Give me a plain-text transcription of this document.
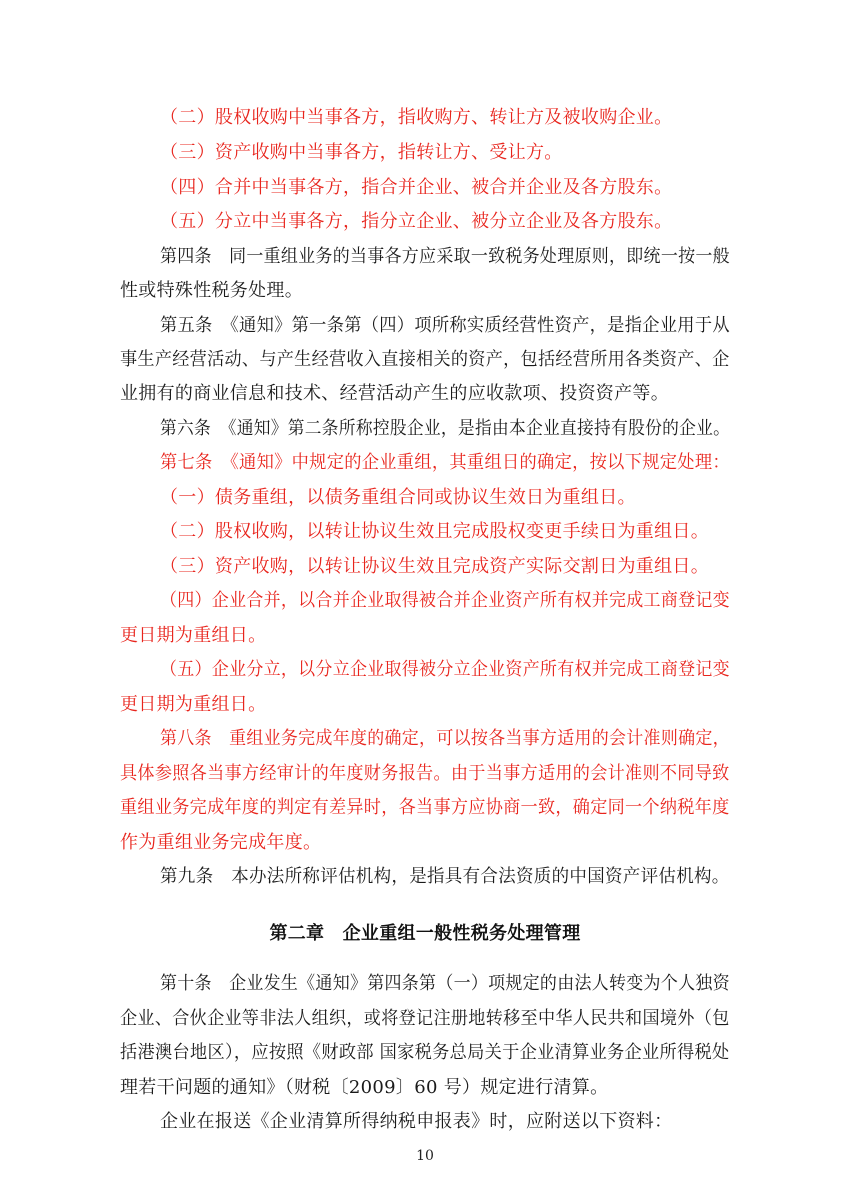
（二）股权收购中当事各方，指收购方、转让方及被收购企业。
（三）资产收购中当事各方，指转让方、受让方。
（四）合并中当事各方，指合并企业、被合并企业及各方股东。
（五）分立中当事各方，指分立企业、被分立企业及各方股东。
第四条　同一重组业务的当事各方应采取一致税务处理原则，即统一按一般
性或特殊性税务处理。
第五条　《通知》第一条第（四）项所称实质经营性资产，是指企业用于从
事生产经营活动、与产生经营收入直接相关的资产，包括经营所用各类资产、企
业拥有的商业信息和技术、经营活动产生的应收款项、投资资产等。
第六条　《通知》第二条所称控股企业，是指由本企业直接持有股份的企业。
第七条　《通知》中规定的企业重组，其重组日的确定，按以下规定处理：
（一）债务重组，以债务重组合同或协议生效日为重组日。
（二）股权收购，以转让协议生效且完成股权变更手续日为重组日。
（三）资产收购，以转让协议生效且完成资产实际交割日为重组日。
（四）企业合并，以合并企业取得被合并企业资产所有权并完成工商登记变
更日期为重组日。
（五）企业分立，以分立企业取得被分立企业资产所有权并完成工商登记变
更日期为重组日。
第八条　重组业务完成年度的确定，可以按各当事方适用的会计准则确定，
具体参照各当事方经审计的年度财务报告。由于当事方适用的会计准则不同导致
重组业务完成年度的判定有差异时，各当事方应协商一致，确定同一个纳税年度
作为重组业务完成年度。
第九条　本办法所称评估机构，是指具有合法资质的中国资产评估机构。
第二章　企业重组一般性税务处理管理
第十条　企业发生《通知》第四条第（一）项规定的由法人转变为个人独资
企业、合伙企业等非法人组织，或将登记注册地转移至中华人民共和国境外（包
括港澳台地区），应按照《财政部 国家税务总局关于企业清算业务企业所得税处
理若干问题的通知》（财税〔2009〕60 号）规定进行清算。
企业在报送《企业清算所得纳税申报表》时，应附送以下资料：
10
